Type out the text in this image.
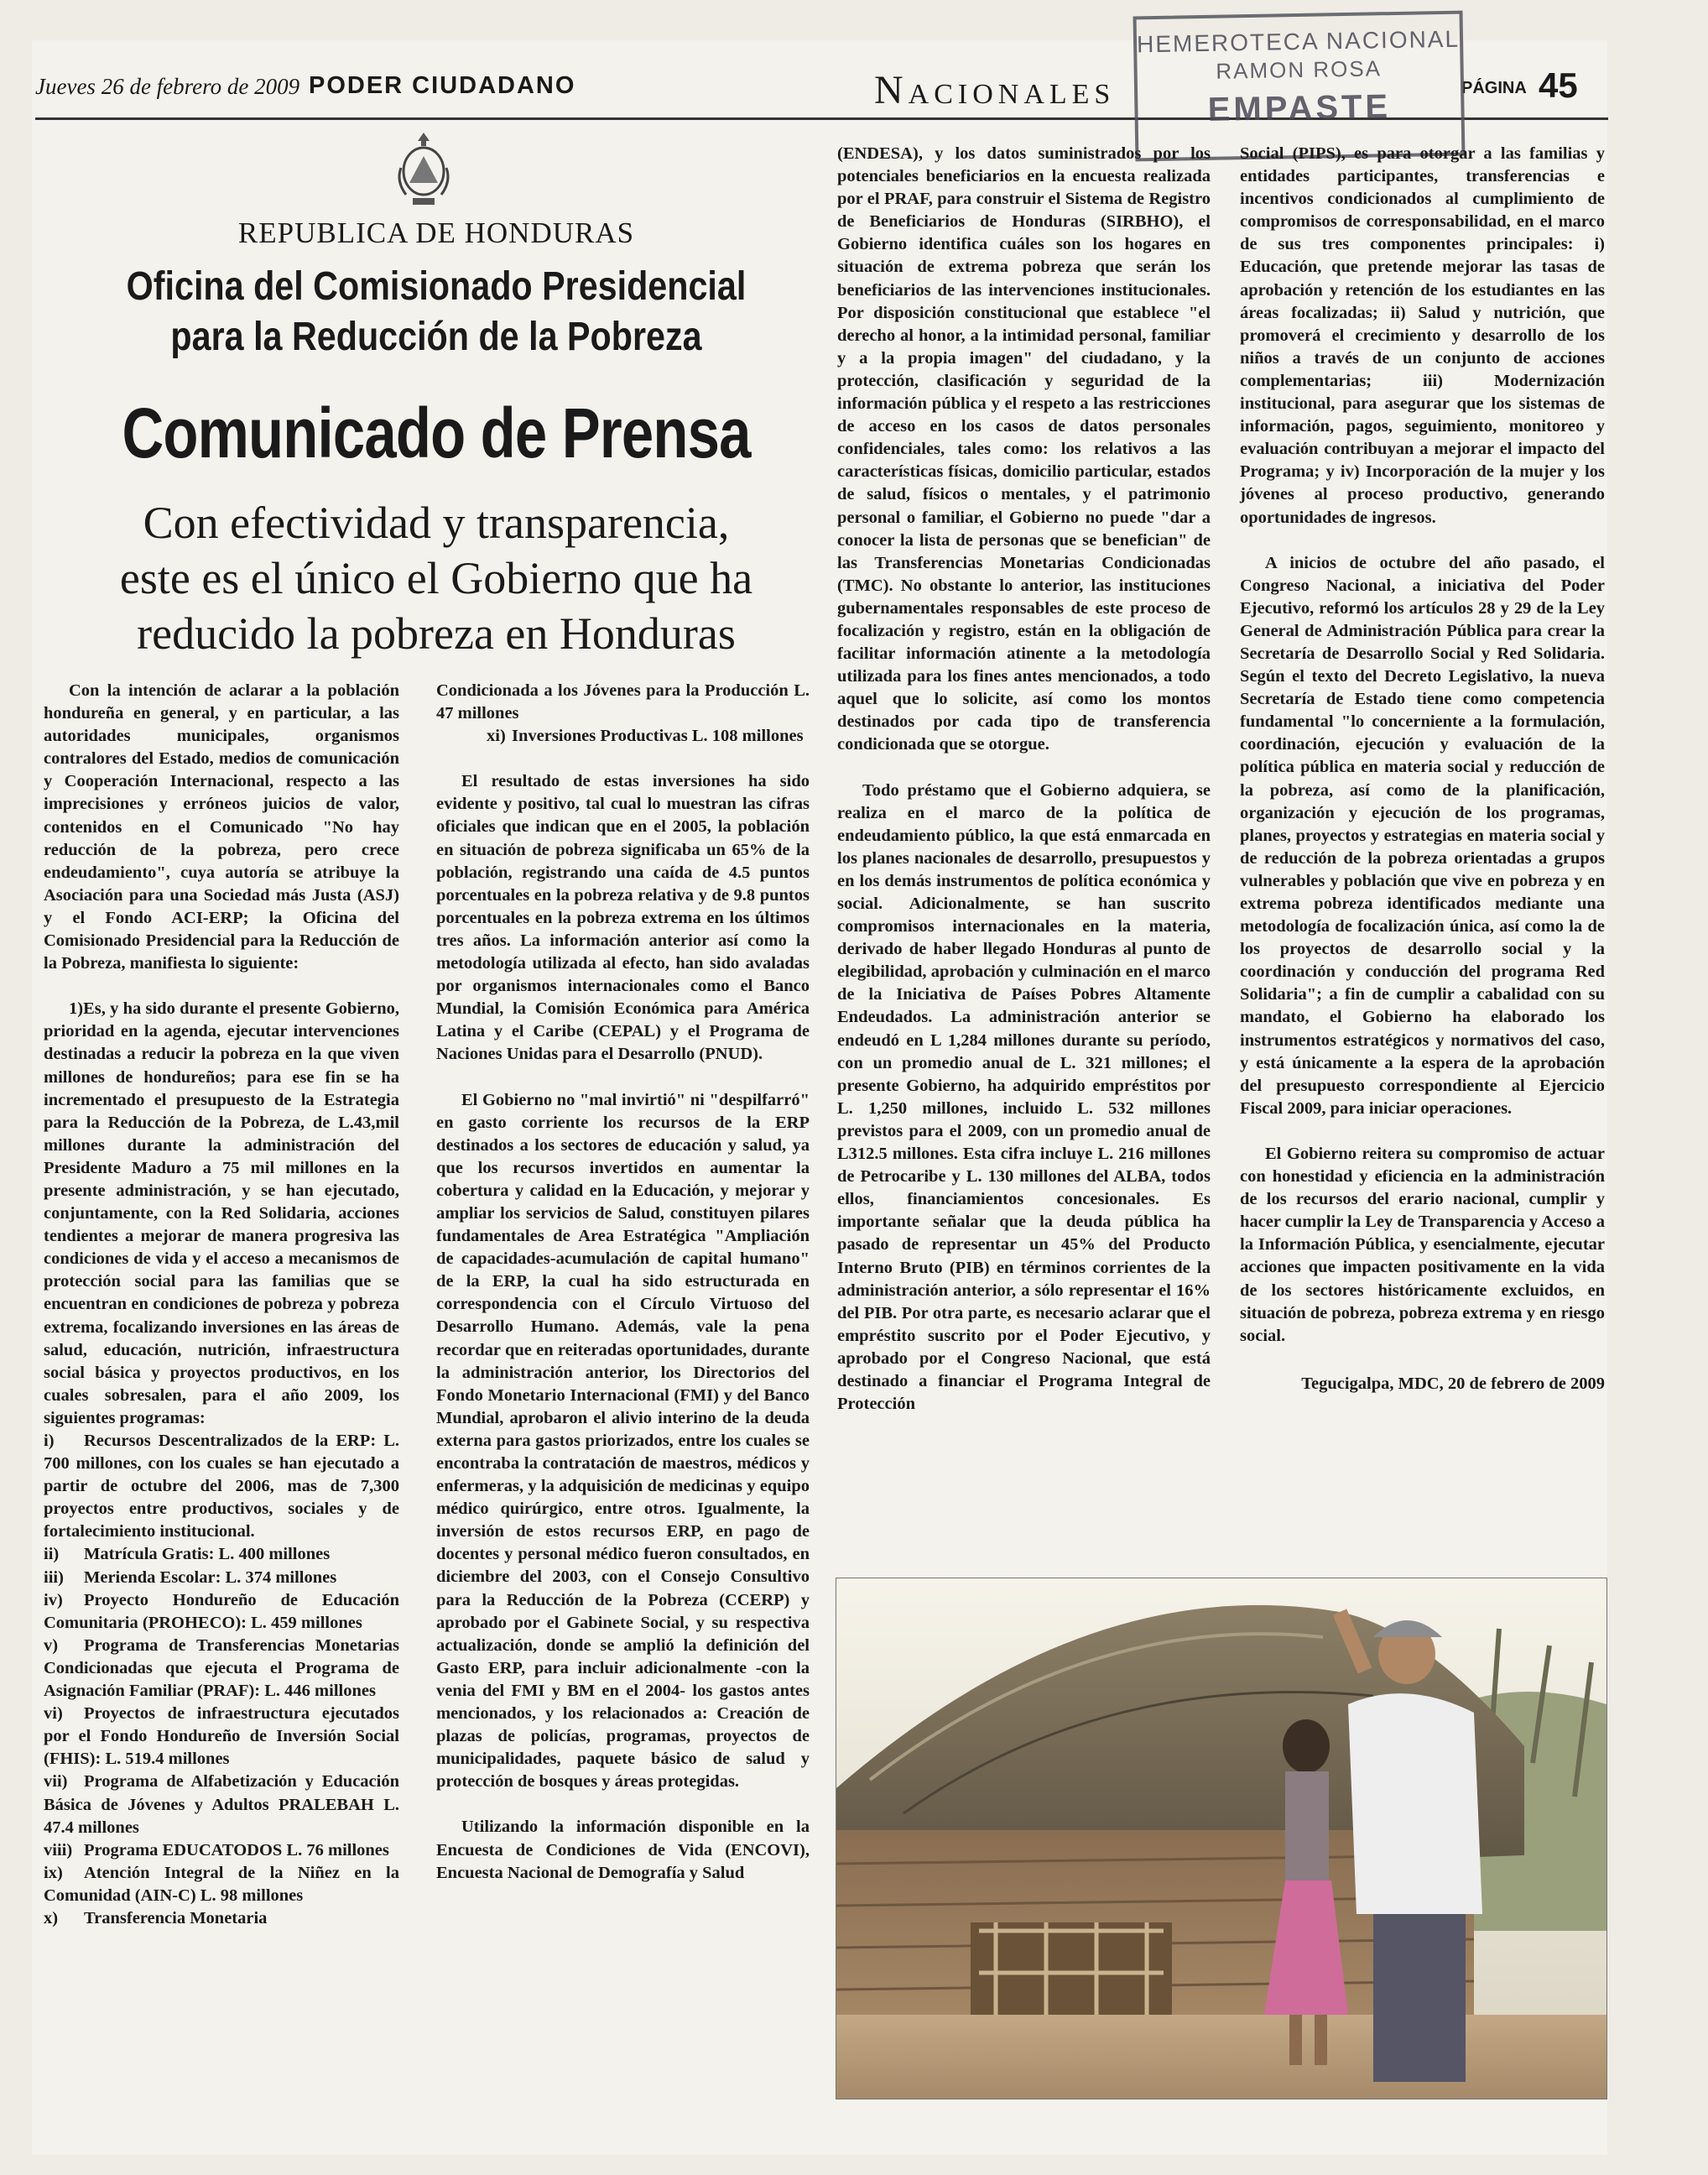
Jueves 26 de febrero de 2009 PODER CIUDADANO	Nacionales	PÁGINA 45
HEMEROTECA NACIONAL
RAMON ROSA
EMPASTE
REPUBLICA DE HONDURAS
Oficina del Comisionado Presidencial
para la Reducción de la Pobreza
Comunicado de Prensa
Con efectividad y transparencia,
este es el único el Gobierno que ha
reducido la pobreza en Honduras

Con la intención de aclarar a la población hondureña en general, y en particular, a las autoridades municipales, organismos contralores del Estado, medios de comunicación y Cooperación Internacional, respecto a las imprecisiones y erróneos juicios de valor, contenidos en el Comunicado "No hay reducción de la pobreza, pero crece endeudamiento", cuya autoría se atribuye la Asociación para una Sociedad más Justa (ASJ) y el Fondo ACI-ERP; la Oficina del Comisionado Presidencial para la Reducción de la Pobreza, manifiesta lo siguiente:

1)Es, y ha sido durante el presente Gobierno, prioridad en la agenda, ejecutar intervenciones destinadas a reducir la pobreza en la que viven millones de hondureños; para ese fin se ha incrementado el presupuesto de la Estrategia para la Reducción de la Pobreza, de L.43,mil millones durante la administración del Presidente Maduro a 75 mil millones en la presente administración, y se han ejecutado, conjuntamente, con la Red Solidaria, acciones tendientes a mejorar de manera progresiva las condiciones de vida y el acceso a mecanismos de protección social para las familias que se encuentran en condiciones de pobreza y pobreza extrema, focalizando inversiones en las áreas de salud, educación, nutrición, infraestructura social básica y proyectos productivos, en los cuales sobresalen, para el año 2009, los siguientes programas:

i) Recursos Descentralizados de la ERP: L. 700 millones, con los cuales se han ejecutado a partir de octubre del 2006, mas de 7,300 proyectos entre productivos, sociales y de fortalecimiento institucional.

ii) Matrícula Gratis: L. 400 millones

iii) Merienda Escolar: L. 374 millones

iv) Proyecto Hondureño de Educación Comunitaria (PROHECO): L. 459 millones

v) Programa de Transferencias Monetarias Condicionadas que ejecuta el Programa de Asignación Familiar (PRAF): L. 446 millones

vi) Proyectos de infraestructura ejecutados por el Fondo Hondureño de Inversión Social (FHIS): L. 519.4 millones

vii) Programa de Alfabetización y Educación Básica de Jóvenes y Adultos PRALEBAH L. 47.4 millones

viii) Programa EDUCATODOS L. 76 millones

ix) Atención Integral de la Niñez en la Comunidad (AIN-C) L. 98 millones

x) Transferencia Monetaria

Condicionada a los Jóvenes para la Producción L. 47 millones

xi) Inversiones Productivas L. 108 millones

El resultado de estas inversiones ha sido evidente y positivo, tal cual lo muestran las cifras oficiales que indican que en el 2005, la población en situación de pobreza significaba un 65% de la población, registrando una caída de 4.5 puntos porcentuales en la pobreza relativa y de 9.8 puntos porcentuales en la pobreza extrema en los últimos tres años. La información anterior así como la metodología utilizada al efecto, han sido avaladas por organismos internacionales como el Banco Mundial, la Comisión Económica para América Latina y el Caribe (CEPAL) y el Programa de Naciones Unidas para el Desarrollo (PNUD).

El Gobierno no "mal invirtió" ni "despilfarró" en gasto corriente los recursos de la ERP destinados a los sectores de educación y salud, ya que los recursos invertidos en aumentar la cobertura y calidad en la Educación, y mejorar y ampliar los servicios de Salud, constituyen pilares fundamentales de Area Estratégica "Ampliación de capacidades-acumulación de capital humano" de la ERP, la cual ha sido estructurada en correspondencia con el Círculo Virtuoso del Desarrollo Humano. Además, vale la pena recordar que en reiteradas oportunidades, durante la administración anterior, los Directorios del Fondo Monetario Internacional (FMI) y del Banco Mundial, aprobaron el alivio interino de la deuda externa para gastos priorizados, entre los cuales se encontraba la contratación de maestros, médicos y enfermeras, y la adquisición de medicinas y equipo médico quirúrgico, entre otros. Igualmente, la inversión de estos recursos ERP, en pago de docentes y personal médico fueron consultados, en diciembre del 2003, con el Consejo Consultivo para la Reducción de la Pobreza (CCERP) y aprobado por el Gabinete Social, y su respectiva actualización, donde se amplió la definición del Gasto ERP, para incluir adicionalmente -con la venia del FMI y BM en el 2004- los gastos antes mencionados, y los relacionados a: Creación de plazas de policías, programas, proyectos de municipalidades, paquete básico de salud y protección de bosques y áreas protegidas.

Utilizando la información disponible en la Encuesta de Condiciones de Vida (ENCOVI), Encuesta Nacional de Demografía y Salud

(ENDESA), y los datos suministrados por los potenciales beneficiarios en la encuesta realizada por el PRAF, para construir el Sistema de Registro de Beneficiarios de Honduras (SIRBHO), el Gobierno identifica cuáles son los hogares en situación de extrema pobreza que serán los beneficiarios de las intervenciones institucionales. Por disposición constitucional que establece "el derecho al honor, a la intimidad personal, familiar y a la propia imagen" del ciudadano, y la protección, clasificación y seguridad de la información pública y el respeto a las restricciones de acceso en los casos de datos personales confidenciales, tales como: los relativos a las características físicas, domicilio particular, estados de salud, físicos o mentales, y el patrimonio personal o familiar, el Gobierno no puede "dar a conocer la lista de personas que se benefician" de las Transferencias Monetarias Condicionadas (TMC). No obstante lo anterior, las instituciones gubernamentales responsables de este proceso de focalización y registro, están en la obligación de facilitar información atinente a la metodología utilizada para los fines antes mencionados, a todo aquel que lo solicite, así como los montos destinados por cada tipo de transferencia condicionada que se otorgue.

Todo préstamo que el Gobierno adquiera, se realiza en el marco de la política de endeudamiento público, la que está enmarcada en los planes nacionales de desarrollo, presupuestos y en los demás instrumentos de política económica y social. Adicionalmente, se han suscrito compromisos internacionales en la materia, derivado de haber llegado Honduras al punto de elegibilidad, aprobación y culminación en el marco de la Iniciativa de Países Pobres Altamente Endeudados. La administración anterior se endeudó en L 1,284 millones durante su período, con un promedio anual de L. 321 millones; el presente Gobierno, ha adquirido empréstitos por L. 1,250 millones, incluido L. 532 millones previstos para el 2009, con un promedio anual de L312.5 millones. Esta cifra incluye L. 216 millones de Petrocaribe y L. 130 millones del ALBA, todos ellos, financiamientos concesionales. Es importante señalar que la deuda pública ha pasado de representar un 45% del Producto Interno Bruto (PIB) en términos corrientes de la administración anterior, a sólo representar el 16% del PIB. Por otra parte, es necesario aclarar que el empréstito suscrito por el Poder Ejecutivo, y aprobado por el Congreso Nacional, que está destinado a financiar el Programa Integral de Protección

Social (PIPS), es para otorgar a las familias y entidades participantes, transferencias e incentivos condicionados al cumplimiento de compromisos de corresponsabilidad, en el marco de sus tres componentes principales: i) Educación, que pretende mejorar las tasas de aprobación y retención de los estudiantes en las áreas focalizadas; ii) Salud y nutrición, que promoverá el crecimiento y desarrollo de los niños a través de un conjunto de acciones complementarias; iii) Modernización institucional, para asegurar que los sistemas de información, pagos, seguimiento, monitoreo y evaluación contribuyan a mejorar el impacto del Programa; y iv) Incorporación de la mujer y los jóvenes al proceso productivo, generando oportunidades de ingresos.

A inicios de octubre del año pasado, el Congreso Nacional, a iniciativa del Poder Ejecutivo, reformó los artículos 28 y 29 de la Ley General de Administración Pública para crear la Secretaría de Desarrollo Social y Red Solidaria. Según el texto del Decreto Legislativo, la nueva Secretaría de Estado tiene como competencia fundamental "lo concerniente a la formulación, coordinación, ejecución y evaluación de la política pública en materia social y reducción de la pobreza, así como de la planificación, organización y ejecución de los programas, planes, proyectos y estrategias en materia social y de reducción de la pobreza orientadas a grupos vulnerables y población que vive en pobreza y en extrema pobreza identificados mediante una metodología de focalización única, así como la de los proyectos de desarrollo social y la coordinación y conducción del programa Red Solidaria"; a fin de cumplir a cabalidad con su mandato, el Gobierno ha elaborado los instrumentos estratégicos y normativos del caso, y está únicamente a la espera de la aprobación del presupuesto correspondiente al Ejercicio Fiscal 2009, para iniciar operaciones.

El Gobierno reitera su compromiso de actuar con honestidad y eficiencia en la administración de los recursos del erario nacional, cumplir y hacer cumplir la Ley de Transparencia y Acceso a la Información Pública, y esencialmente, ejecutar acciones que impacten positivamente en la vida de los sectores históricamente excluidos, en situación de pobreza, pobreza extrema y en riesgo social.

Tegucigalpa, MDC, 20 de febrero de 2009
